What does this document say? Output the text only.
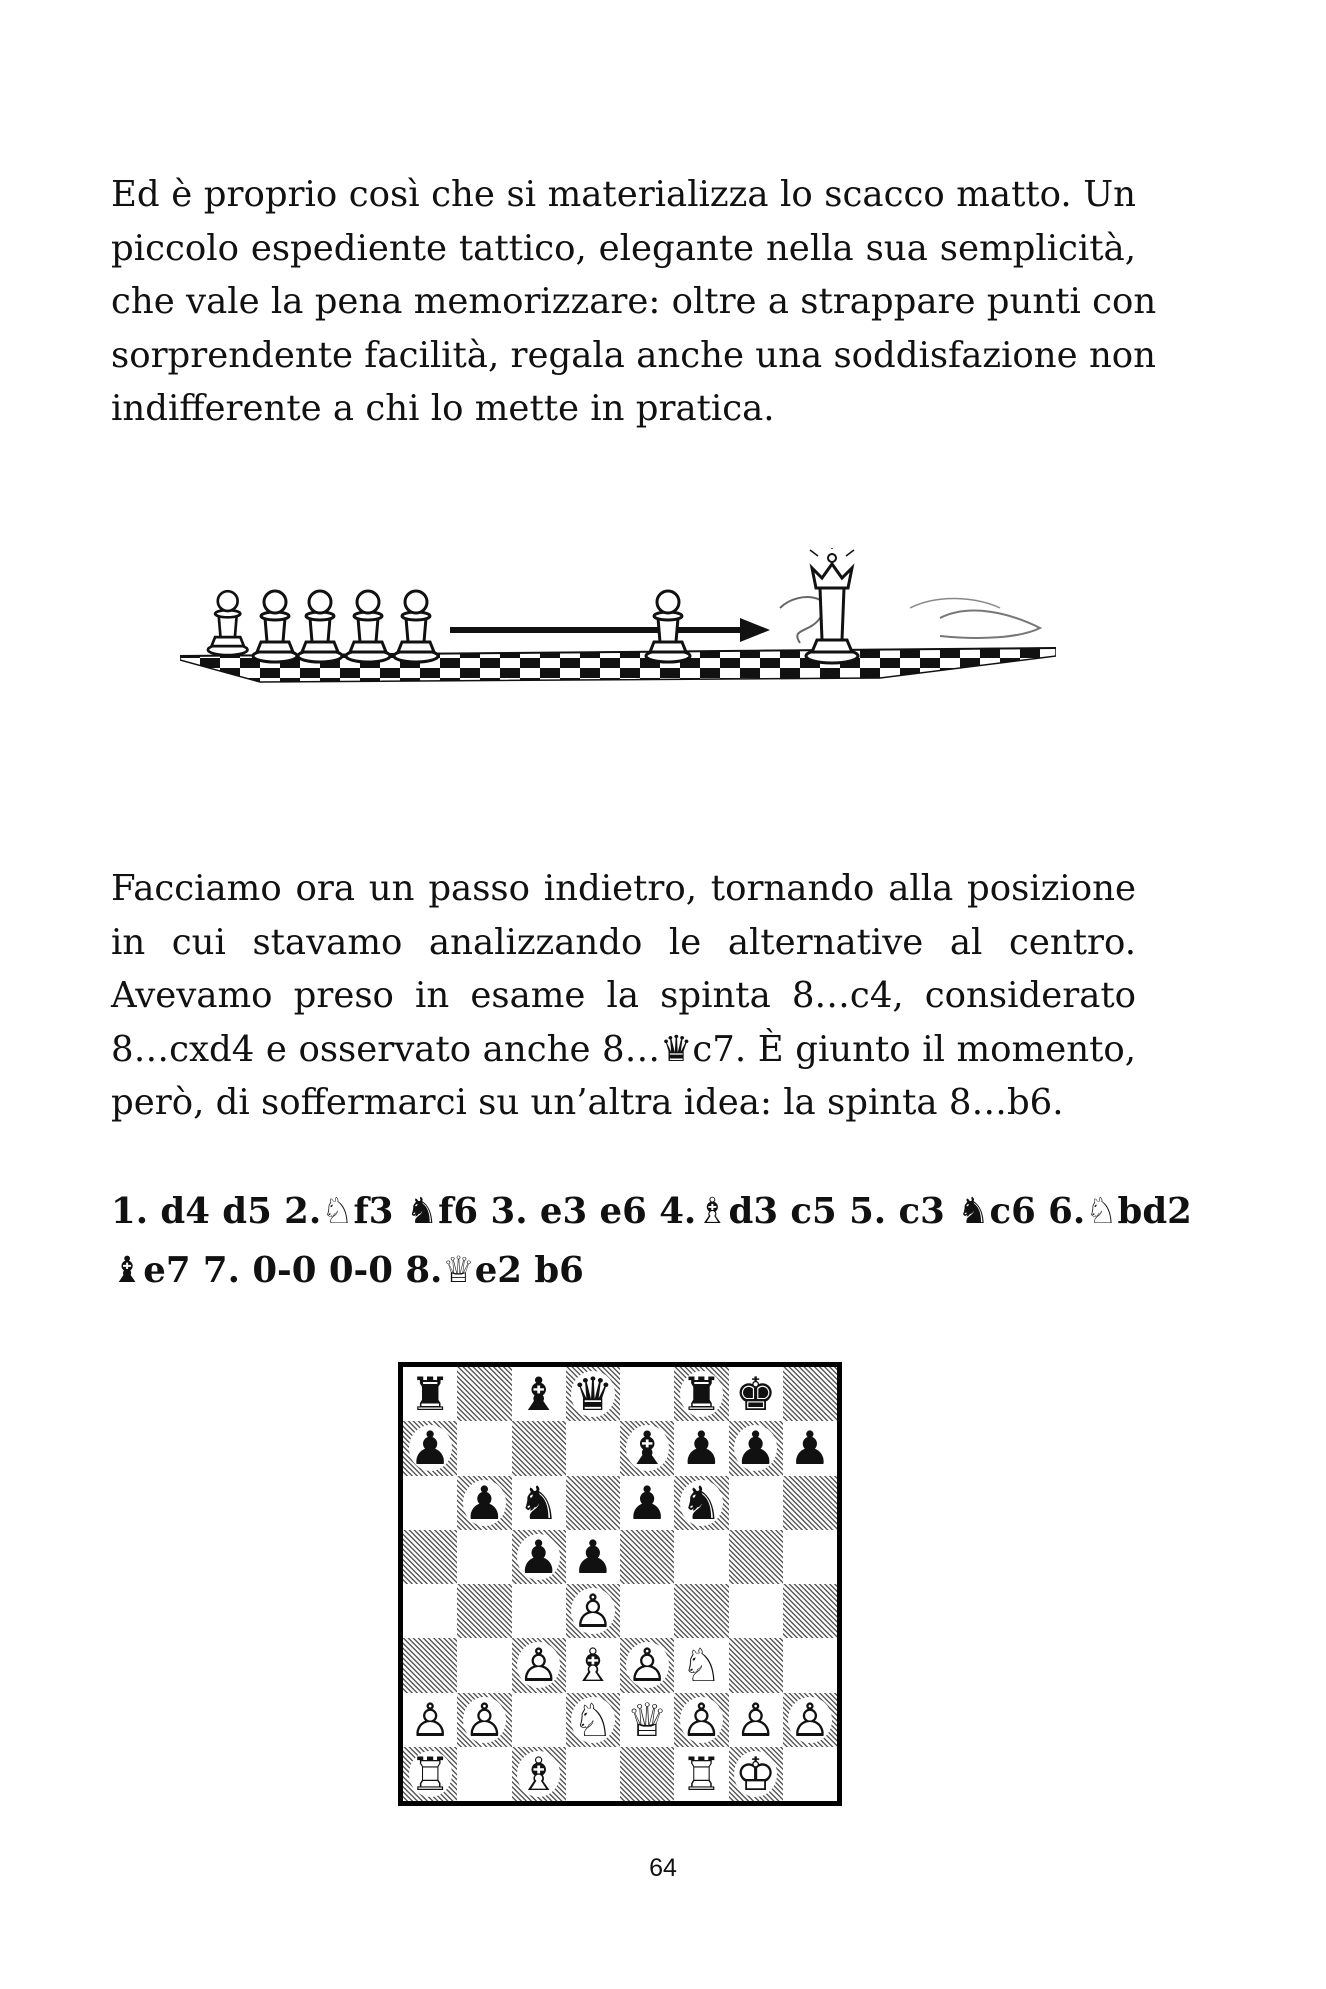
Ed è proprio così che si materializza lo scacco matto. Un
piccolo espediente tattico, elegante nella sua semplicità,
che vale la pena memorizzare: oltre a strappare punti con
sorprendente facilità, regala anche una soddisfazione non
indifferente a chi lo mette in pratica.
Facciamo ora un passo indietro, tornando alla posizione
in cui stavamo analizzando le alternative al centro.
Avevamo preso in esame la spinta 8…c4, considerato
8…cxd4 e osservato anche 8…♛c7. È giunto il momento,
però, di soffermarci su un’altra idea: la spinta 8…b6.
1. d4 d5 2.♘f3 ♞f6 3. e3 e6 4.♗d3 c5 5. c3 ♞c6 6.♘bd2
♝e7 7. 0-0 0-0 8.♕e2 b6
♜ ♝ ♛ ♜ ♚
♟	♝ ♟ ♟ ♟
♟ ♞ ♟ ♞
♟ ♟
♙
♙ ♗ ♙ ♘
♙ ♙ ♘ ♕ ♙ ♙ ♙
♖ ♗	♖ ♔
64
